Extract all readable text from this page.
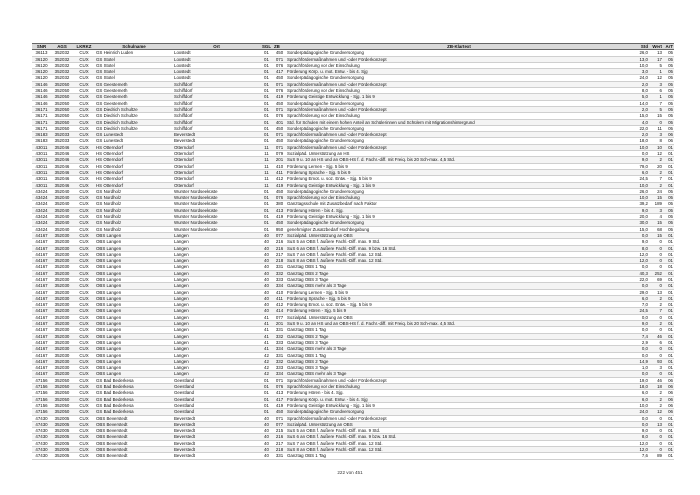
SNR	AGS	LKRKZ	Schulname	Ort	SGL	ZB	ZB-Klartext	Std	Wert	ArT
36113	352032	CUX	GS Heinrich Luden	Loxstedt	01	450	Sonderpädagogische Grundversorgung	26,0	13	05
36120	352032	CUX	GS Stotel	Loxstedt	01	071	Sprachfördermaßnahmen und -oder Förderkonzept	13,0	17	05
36120	352032	CUX	GS Stotel	Loxstedt	01	076	Sprachförderung vor der Einschulung	10,0	5	05
36120	352032	CUX	GS Stotel	Loxstedt	01	417	Förderung Körp. u. mot. Entw. - bis 4. Sjg	3,0	1	05
36120	352032	CUX	GS Stotel	Loxstedt	01	450	Sonderpädagogische Grundversorgung	24,0	12	05
36146	352050	CUX	GS Geestemeth	Schiffdorf	01	071	Sprachfördermaßnahmen und -oder Förderkonzept	2,0	3	05
36146	352050	CUX	GS Geestemeth	Schiffdorf	01	076	Sprachförderung vor der Einschulung	8,0	6	05
36146	352050	CUX	GS Geestemeth	Schiffdorf	01	419	Förderung Geistige Entwicklung - Sjg. 1 bis 9	5,0	1	05
36146	352050	CUX	GS Geestemeth	Schiffdorf	01	450	Sonderpädagogische Grundversorgung	14,0	7	05
36171	352050	CUX	GS Diedrich Schultze	Schiffdorf	01	071	Sprachfördermaßnahmen und -oder Förderkonzept	2,0	5	05
36171	352050	CUX	GS Diedrich Schultze	Schiffdorf	01	076	Sprachförderung vor der Einschulung	15,0	15	05
36171	352050	CUX	GS Diedrich Schultze	Schiffdorf	01	401	Std. für Schulen mit einem hohen Anteil an Schülerinnen und Schülern mit Migrationshintergrund	4,0	0	05
36171	352050	CUX	GS Diedrich Schultze	Schiffdorf	01	450	Sonderpädagogische Grundversorgung	22,0	11	05
36183	352033	CUX	GS Lunestedt	Beverstedt	01	071	Sprachfördermaßnahmen und -oder Förderkonzept	2,0	3	06
36183	352033	CUX	GS Lunestedt	Beverstedt	01	450	Sonderpädagogische Grundversorgung	18,0	8	06
43011	352046	CUX	HS Otterndorf	Otterndorf	11	071	Sprachfördermaßnahmen und -oder Förderkonzept	10,0	10	01
43011	352046	CUX	HS Otterndorf	Otterndorf	11	079	Sozialpäd. Unterstützung an HS	0,0	12	01
43011	352046	CUX	HS Otterndorf	Otterndorf	11	201	SuS 9 u. 10 an HS und an OBS-HS f. d. Fachr.-diff. mit Freiq. bis 20 Sch-max. 4,5 Std.	9,0	2	01
43011	352046	CUX	HS Otterndorf	Otterndorf	11	410	Förderung Lernen - Sjg. 5 bis 9	79,0	20	01
43011	352046	CUX	HS Otterndorf	Otterndorf	11	411	Förderung Sprache - Sjg. 5 bis 9	6,0	2	01
43011	352046	CUX	HS Otterndorf	Otterndorf	11	412	Förderung Emot. u. soz. Entw. - Sjg. 5 bis 9	24,5	7	01
43011	352046	CUX	HS Otterndorf	Otterndorf	11	419	Förderung Geistige Entwicklung - Sjg. 1 bis 9	10,0	2	01
43424	352040	CUX	GS Nordholz	Wurster Nordseeküste	01	450	Sonderpädagogische Grundversorgung	26,0	24	05
43424	352040	CUX	GS Nordholz	Wurster Nordseeküste	01	076	Sprachförderung vor der Einschulung	10,0	15	05
43424	352040	CUX	GS Nordholz	Wurster Nordseeküste	01	380	Ganztagsschule mit Zusatzbedarf nach Faktor	39,2	189	05
43424	352040	CUX	GS Nordholz	Wurster Nordseeküste	01	413	Förderung Hören - bis 4. Sjg.	9,0	3	05
43424	352040	CUX	GS Nordholz	Wurster Nordseeküste	01	419	Förderung Geistige Entwicklung - Sjg. 1 bis 9	20,0	4	05
43424	352040	CUX	GS Nordholz	Wurster Nordseeküste	01	450	Sonderpädagogische Grundversorgung	30,0	15	05
43424	352040	CUX	GS Nordholz	Wurster Nordseeküste	01	950	genehmigter Zusatzbedarf Hochbegabung	15,0	68	05
44167	352030	CUX	OBS Langen	Langen	40	077	Sozialpäd. Unterstützung an OBS	0,0	15	01
44167	352030	CUX	OBS Langen	Langen	40	216	SuS 5 an OBS f. äußere Fachl.-Diff. max. 9 Std.	9,0	0	01
44167	352030	CUX	OBS Langen	Langen	40	216	SuS 6 an OBS f. äußere Fachl.-Diff. max. 9 bzw. 16 Std.	8,0	0	01
44167	352030	CUX	OBS Langen	Langen	40	217	SuS 7 an OBS f. äußere Fachl.-Diff. max. 12 Std.	12,0	0	01
44167	352030	CUX	OBS Langen	Langen	40	218	SuS 8 an OBS f. äußere Fachl.-Diff. max. 12 Std.	12,0	0	01
44167	352030	CUX	OBS Langen	Langen	40	331	Ganztag OBS 1 Tag	0,0	0	01
44167	352030	CUX	OBS Langen	Langen	40	332	Ganztag OBS 2 Tage	40,3	252	01
44167	352030	CUX	OBS Langen	Langen	40	333	Ganztag OBS 3 Tage	22,0	69	01
44167	352030	CUX	OBS Langen	Langen	40	334	Ganztag OBS mehr als 3 Tage	0,0	0	01
44167	352030	CUX	OBS Langen	Langen	40	410	Förderung Lernen - Sjg. 5 bis 9	29,0	13	01
44167	352030	CUX	OBS Langen	Langen	40	411	Förderung Sprache - Sjg. 5 bis 9	6,0	2	01
44167	352030	CUX	OBS Langen	Langen	40	412	Förderung Emot. u. soz. Entw. - Sjg. 5 bis 9	7,0	2	01
44167	352030	CUX	OBS Langen	Langen	40	414	Förderung Hören - Sjg. 5 bis 9	24,5	7	01
44167	352030	CUX	OBS Langen	Langen	41	077	Sozialpäd. Unterstützung an OBS	0,0	0	01
44167	352030	CUX	OBS Langen	Langen	41	201	SuS 9 u. 10 an HS und an OBS-HS f. d. Fachr.-diff. mit Freiq. bis 20 Sch-max. 4,5 Std.	9,0	2	01
44167	352030	CUX	OBS Langen	Langen	41	331	Ganztag OBS 1 Tag	0,0	0	01
44167	352030	CUX	OBS Langen	Langen	41	332	Ganztag OBS 2 Tage	7,4	46	01
44167	352030	CUX	OBS Langen	Langen	41	333	Ganztag OBS 3 Tage	2,9	6	01
44167	352030	CUX	OBS Langen	Langen	41	334	Ganztag OBS mehr als 3 Tage	0,0	0	01
44167	352030	CUX	OBS Langen	Langen	42	331	Ganztag OBS 1 Tag	0,0	0	01
44167	352030	CUX	OBS Langen	Langen	42	332	Ganztag OBS 2 Tage	14,9	93	01
44167	352030	CUX	OBS Langen	Langen	42	333	Ganztag OBS 3 Tage	1,0	3	01
44167	352030	CUX	OBS Langen	Langen	42	334	Ganztag OBS mehr als 3 Tage	0,0	0	01
47156	352050	CUX	GS Bad Bederkesa	Geestland	01	071	Sprachfördermaßnahmen und -oder Förderkonzept	19,0	46	06
47156	352050	CUX	GS Bad Bederkesa	Geestland	01	076	Sprachförderung vor der Einschulung	18,0	18	06
47156	352050	CUX	GS Bad Bederkesa	Geestland	01	413	Förderung Hören - bis 4. Sjg.	6,0	2	06
47156	352050	CUX	GS Bad Bederkesa	Geestland	01	417	Förderung Körp. u. mot. Entw. - bis 4. Sjg	6,0	2	06
47156	352050	CUX	GS Bad Bederkesa	Geestland	01	419	Förderung Geistige Entwicklung - Sjg. 1 bis 9	10,0	2	06
47156	352050	CUX	GS Bad Bederkesa	Geestland	01	450	Sonderpädagogische Grundversorgung	24,0	12	06
47430	352005	CUX	OBS Beverstedt	Beverstedt	40	071	Sprachfördermaßnahmen und -oder Förderkonzept	0,0	0	01
47430	352005	CUX	OBS Beverstedt	Beverstedt	40	077	Sozialpäd. Unterstützung an OBS	0,0	13	01
47430	352005	CUX	OBS Beverstedt	Beverstedt	40	215	SuS 5 an OBS f. äußere Fachl.-Diff. max. 9 Std.	9,0	0	01
47430	352005	CUX	OBS Beverstedt	Beverstedt	40	216	SuS 6 an OBS f. äußere Fachl.-Diff. max. 9 bzw. 16 Std.	8,0	0	01
47430	352005	CUX	OBS Beverstedt	Beverstedt	40	217	SuS 7 an OBS f. äußere Fachl.-Diff. max. 12 Std.	12,0	0	01
47430	352005	CUX	OBS Beverstedt	Beverstedt	40	218	SuS 8 an OBS f. äußere Fachl.-Diff. max. 12 Std.	12,0	0	01
47430	352005	CUX	OBS Beverstedt	Beverstedt	40	331	Ganztag OBS 1 Tag	7,6	89	01
222 von 451
